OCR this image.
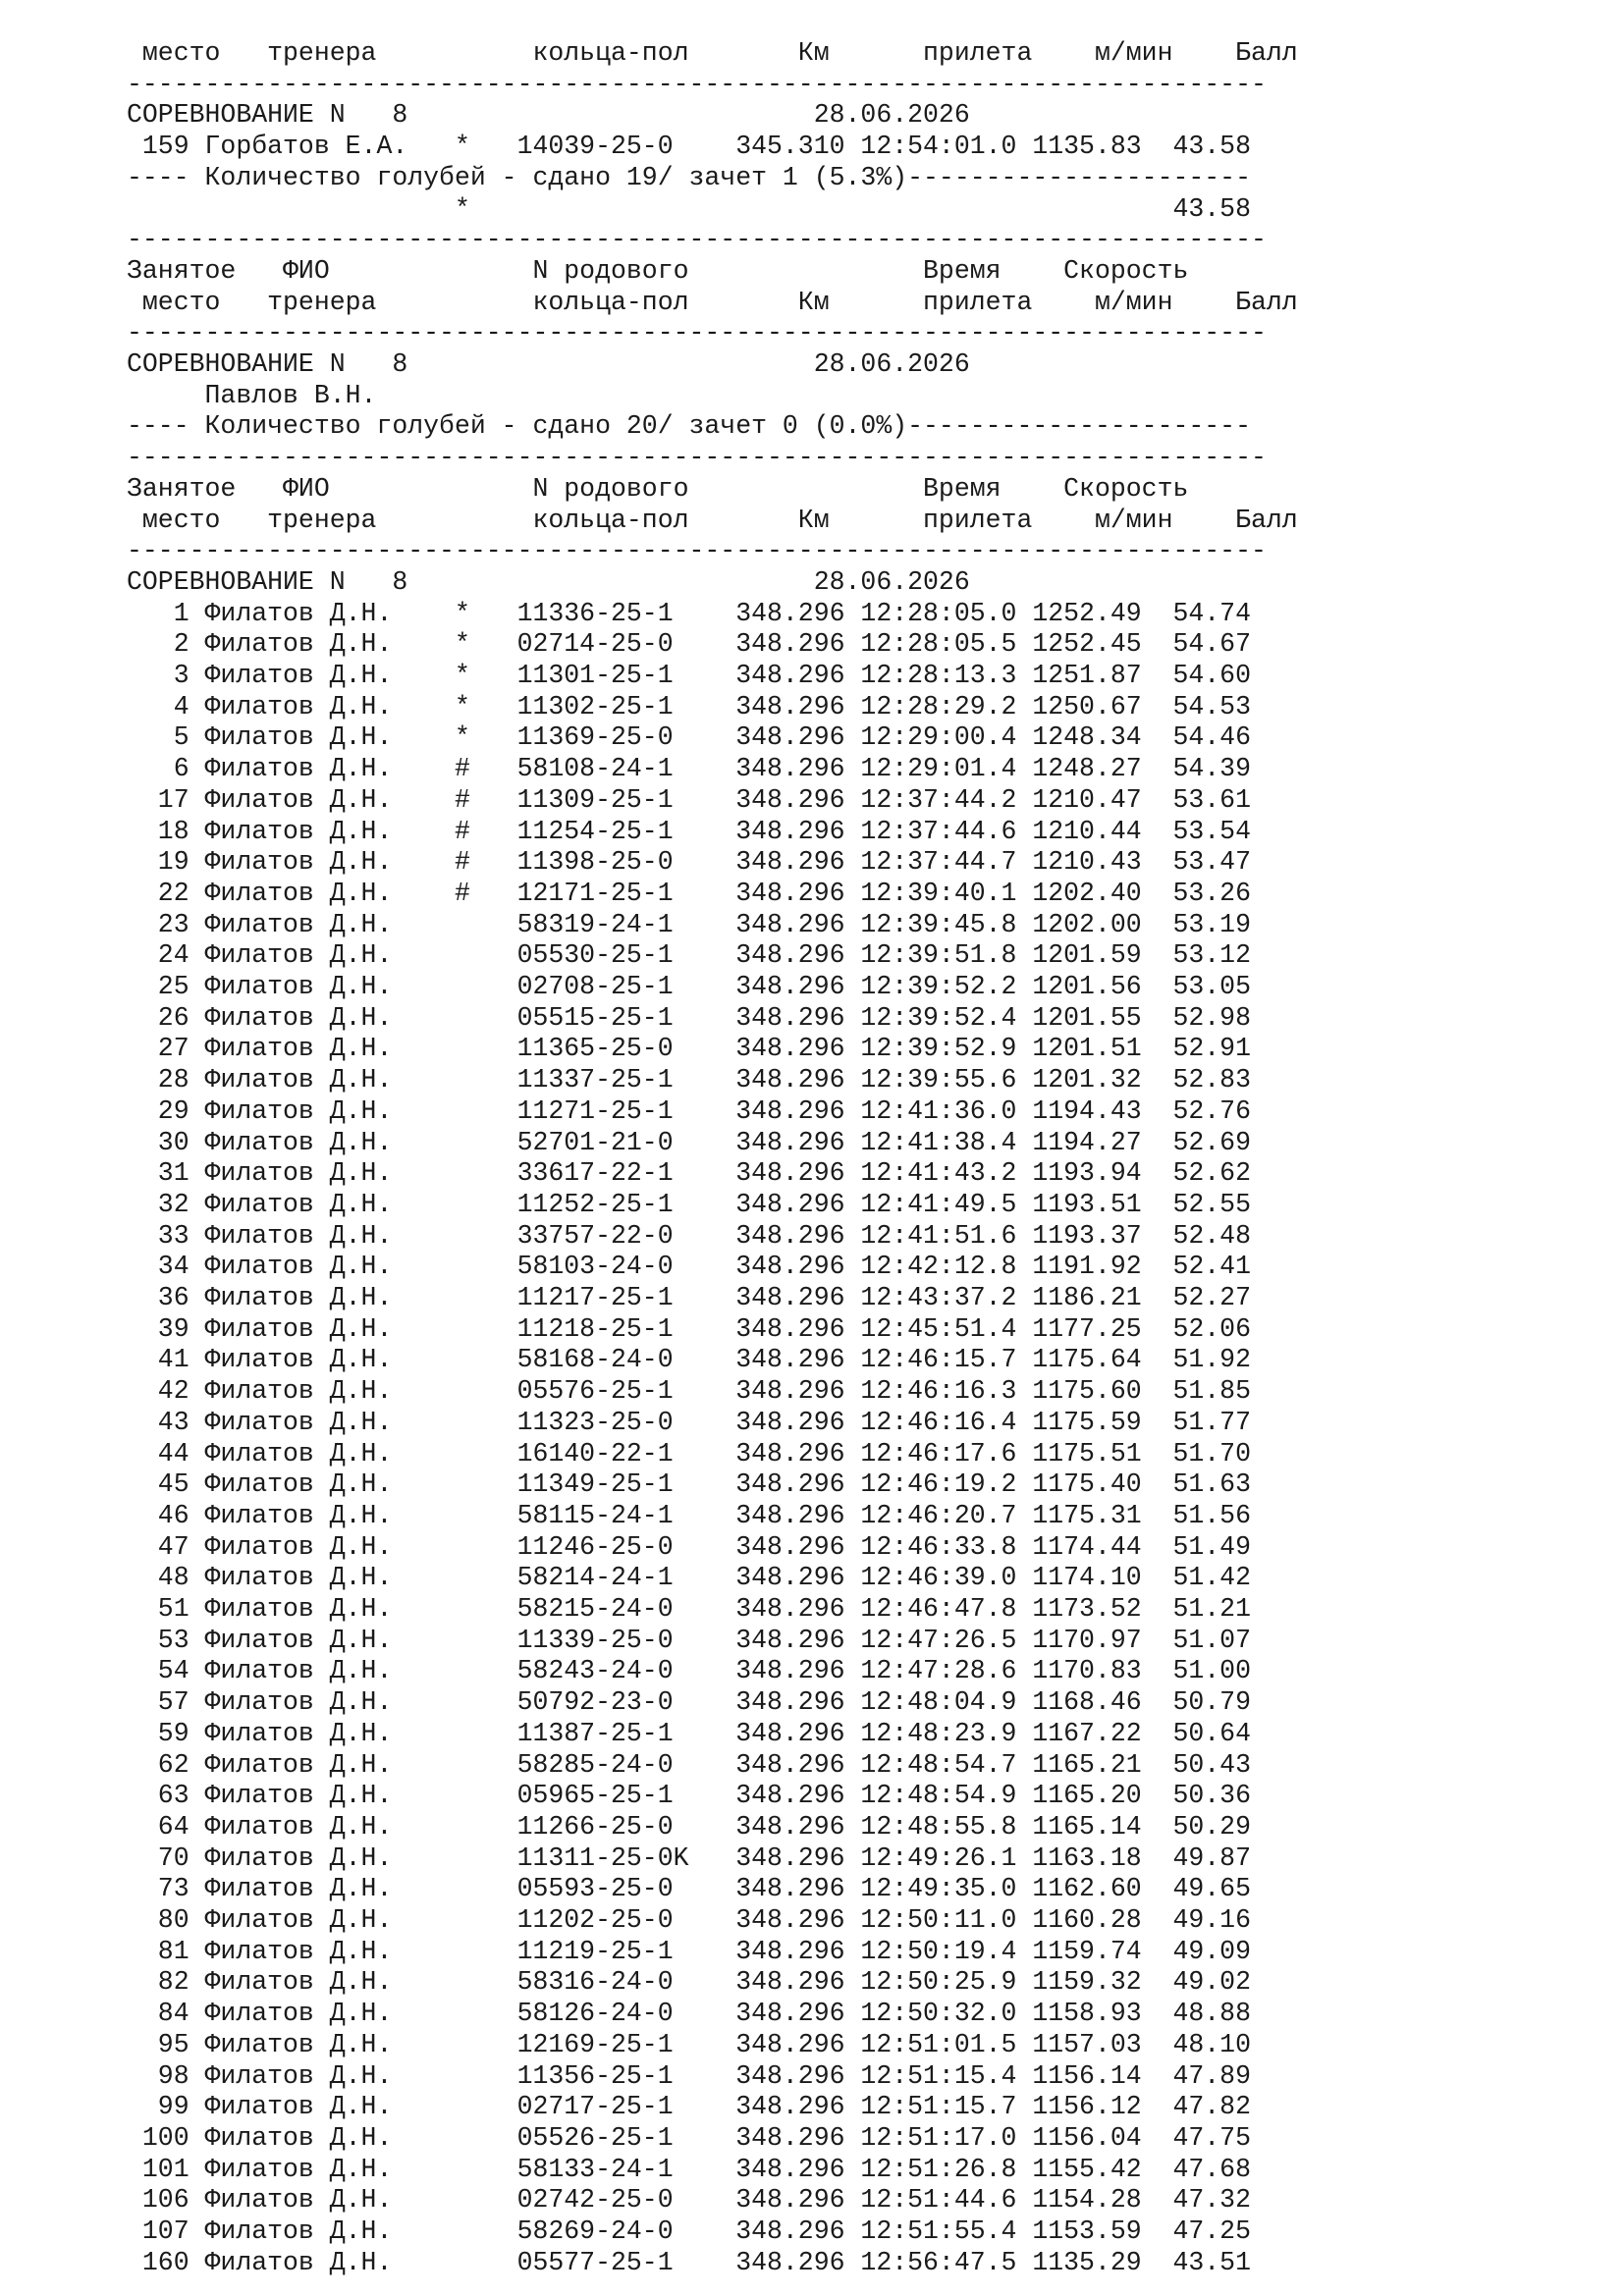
место   тренера          кольца-пол       Км      прилета    м/мин    Балл
-------------------------------------------------------------------------
СОРЕВНОВАНИЕ N   8                          28.06.2026
159 Горбатов Е.А.   *   14039-25-0    345.310 12:54:01.0 1135.83  43.58
---- Количество голубей - сдано 19/ зачет 1 (5.3%)----------------------
*                                             43.58
-------------------------------------------------------------------------
Занятое   ФИО             N родового               Время    Скорость
место   тренера          кольца-пол       Км      прилета    м/мин    Балл
-------------------------------------------------------------------------
СОРЕВНОВАНИЕ N   8                          28.06.2026
Павлов В.Н.
---- Количество голубей - сдано 20/ зачет 0 (0.0%)----------------------
-------------------------------------------------------------------------
Занятое   ФИО             N родового               Время    Скорость
место   тренера          кольца-пол       Км      прилета    м/мин    Балл
-------------------------------------------------------------------------
СОРЕВНОВАНИЕ N   8                          28.06.2026
1 Филатов Д.Н.    *   11336-25-1    348.296 12:28:05.0 1252.49  54.74
2 Филатов Д.Н.    *   02714-25-0    348.296 12:28:05.5 1252.45  54.67
3 Филатов Д.Н.    *   11301-25-1    348.296 12:28:13.3 1251.87  54.60
4 Филатов Д.Н.    *   11302-25-1    348.296 12:28:29.2 1250.67  54.53
5 Филатов Д.Н.    *   11369-25-0    348.296 12:29:00.4 1248.34  54.46
6 Филатов Д.Н.    #   58108-24-1    348.296 12:29:01.4 1248.27  54.39
17 Филатов Д.Н.    #   11309-25-1    348.296 12:37:44.2 1210.47  53.61
18 Филатов Д.Н.    #   11254-25-1    348.296 12:37:44.6 1210.44  53.54
19 Филатов Д.Н.    #   11398-25-0    348.296 12:37:44.7 1210.43  53.47
22 Филатов Д.Н.    #   12171-25-1    348.296 12:39:40.1 1202.40  53.26
23 Филатов Д.Н.        58319-24-1    348.296 12:39:45.8 1202.00  53.19
24 Филатов Д.Н.        05530-25-1    348.296 12:39:51.8 1201.59  53.12
25 Филатов Д.Н.        02708-25-1    348.296 12:39:52.2 1201.56  53.05
26 Филатов Д.Н.        05515-25-1    348.296 12:39:52.4 1201.55  52.98
27 Филатов Д.Н.        11365-25-0    348.296 12:39:52.9 1201.51  52.91
28 Филатов Д.Н.        11337-25-1    348.296 12:39:55.6 1201.32  52.83
29 Филатов Д.Н.        11271-25-1    348.296 12:41:36.0 1194.43  52.76
30 Филатов Д.Н.        52701-21-0    348.296 12:41:38.4 1194.27  52.69
31 Филатов Д.Н.        33617-22-1    348.296 12:41:43.2 1193.94  52.62
32 Филатов Д.Н.        11252-25-1    348.296 12:41:49.5 1193.51  52.55
33 Филатов Д.Н.        33757-22-0    348.296 12:41:51.6 1193.37  52.48
34 Филатов Д.Н.        58103-24-0    348.296 12:42:12.8 1191.92  52.41
36 Филатов Д.Н.        11217-25-1    348.296 12:43:37.2 1186.21  52.27
39 Филатов Д.Н.        11218-25-1    348.296 12:45:51.4 1177.25  52.06
41 Филатов Д.Н.        58168-24-0    348.296 12:46:15.7 1175.64  51.92
42 Филатов Д.Н.        05576-25-1    348.296 12:46:16.3 1175.60  51.85
43 Филатов Д.Н.        11323-25-0    348.296 12:46:16.4 1175.59  51.77
44 Филатов Д.Н.        16140-22-1    348.296 12:46:17.6 1175.51  51.70
45 Филатов Д.Н.        11349-25-1    348.296 12:46:19.2 1175.40  51.63
46 Филатов Д.Н.        58115-24-1    348.296 12:46:20.7 1175.31  51.56
47 Филатов Д.Н.        11246-25-0    348.296 12:46:33.8 1174.44  51.49
48 Филатов Д.Н.        58214-24-1    348.296 12:46:39.0 1174.10  51.42
51 Филатов Д.Н.        58215-24-0    348.296 12:46:47.8 1173.52  51.21
53 Филатов Д.Н.        11339-25-0    348.296 12:47:26.5 1170.97  51.07
54 Филатов Д.Н.        58243-24-0    348.296 12:47:28.6 1170.83  51.00
57 Филатов Д.Н.        50792-23-0    348.296 12:48:04.9 1168.46  50.79
59 Филатов Д.Н.        11387-25-1    348.296 12:48:23.9 1167.22  50.64
62 Филатов Д.Н.        58285-24-0    348.296 12:48:54.7 1165.21  50.43
63 Филатов Д.Н.        05965-25-1    348.296 12:48:54.9 1165.20  50.36
64 Филатов Д.Н.        11266-25-0    348.296 12:48:55.8 1165.14  50.29
70 Филатов Д.Н.        11311-25-0K   348.296 12:49:26.1 1163.18  49.87
73 Филатов Д.Н.        05593-25-0    348.296 12:49:35.0 1162.60  49.65
80 Филатов Д.Н.        11202-25-0    348.296 12:50:11.0 1160.28  49.16
81 Филатов Д.Н.        11219-25-1    348.296 12:50:19.4 1159.74  49.09
82 Филатов Д.Н.        58316-24-0    348.296 12:50:25.9 1159.32  49.02
84 Филатов Д.Н.        58126-24-0    348.296 12:50:32.0 1158.93  48.88
95 Филатов Д.Н.        12169-25-1    348.296 12:51:01.5 1157.03  48.10
98 Филатов Д.Н.        11356-25-1    348.296 12:51:15.4 1156.14  47.89
99 Филатов Д.Н.        02717-25-1    348.296 12:51:15.7 1156.12  47.82
100 Филатов Д.Н.        05526-25-1    348.296 12:51:17.0 1156.04  47.75
101 Филатов Д.Н.        58133-24-1    348.296 12:51:26.8 1155.42  47.68
106 Филатов Д.Н.        02742-25-0    348.296 12:51:44.6 1154.28  47.32
107 Филатов Д.Н.        58269-24-0    348.296 12:51:55.4 1153.59  47.25
160 Филатов Д.Н.        05577-25-1    348.296 12:56:47.5 1135.29  43.51
